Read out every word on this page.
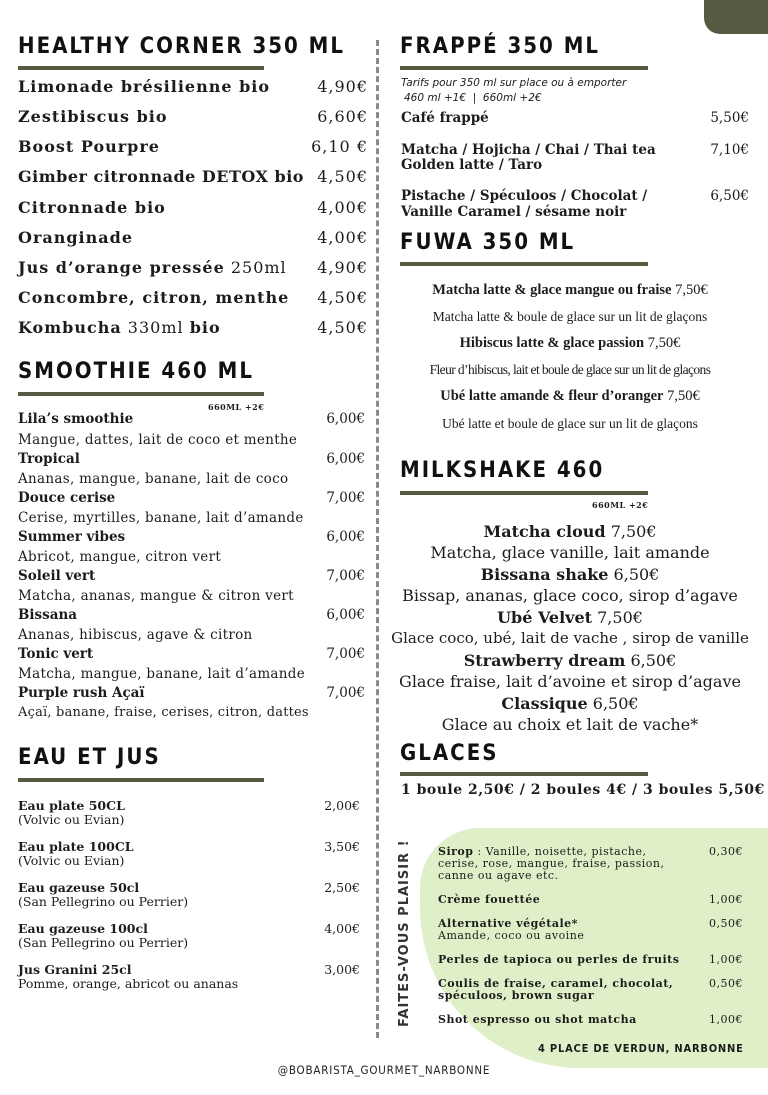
HEALTHY CORNER 350 ML
Limonade brésilienne bio	4,90€
Zestibiscus bio	6,60€
Boost Pourpre	6,10 €
Gimber citronnade DETOX bio 4,50€
Citronnade bio	4,00€
Oranginade	4,00€
Jus d’orange pressée 250ml 4,90€
Concombre, citron, menthe 4,50€
Kombucha 330ml bio	4,50€
SMOOTHIE 460 ML
660ML +2€
Lila’s smoothie	6,00€
Mangue, dattes, lait de coco et menthe
Tropical	6,00€
Ananas, mangue, banane, lait de coco
Douce cerise	7,00€
Cerise, myrtilles, banane, lait d’amande
Summer vibes	6,00€
Abricot, mangue, citron vert
Soleil vert	7,00€
Matcha, ananas, mangue & citron vert
Bissana	6,00€
Ananas, hibiscus, agave & citron
Tonic vert	7,00€
Matcha, mangue, banane, lait d’amande
Purple rush Açaï	7,00€
Açaï, banane, fraise, cerises, citron, dattes
EAU ET JUS
Eau plate 50CL	2,00€
(Volvic ou Evian)
Eau plate 100CL	3,50€
(Volvic ou Evian)
Eau gazeuse 50cl	2,50€
(San Pellegrino ou Perrier)
Eau gazeuse 100cl	4,00€
(San Pellegrino ou Perrier)
Jus Granini 25cl	3,00€
Pomme, orange, abricot ou ananas
FRAPPÉ 350 ML
Tarifs pour 350 ml sur place ou à emporter
460 ml +1€  |  660ml +2€
Café frappé	5,50€
Matcha / Hojicha / Chai / Thai tea	7,10€
Golden latte / Taro
Pistache / Spéculoos / Chocolat /	6,50€
Vanille Caramel / sésame noir
FUWA 350 ML
Matcha latte & glace mangue ou fraise 7,50€
Matcha latte & boule de glace sur un lit de glaçons
Hibiscus latte & glace passion 7,50€
Fleur d’hibiscus, lait et boule de glace sur un lit de glaçons
Ubé latte amande & fleur d’oranger 7,50€
Ubé latte et boule de glace sur un lit de glaçons
MILKSHAKE 460
660ML +2€
Matcha cloud 7,50€
Matcha, glace vanille, lait amande
Bissana shake 6,50€
Bissap, ananas, glace coco, sirop d’agave
Ubé Velvet 7,50€
Glace coco, ubé, lait de vache , sirop de vanille
Strawberry dream 6,50€
Glace fraise, lait d’avoine et sirop d’agave
Classique 6,50€
Glace au choix et lait de vache*
GLACES
1 boule 2,50€ / 2 boules 4€ / 3 boules 5,50€
FAITES-VOUS PLAISIR ! Sirop : Vanille, noisette, pistache,	0,30€
cerise, rose, mangue, fraise, passion,
canne ou agave etc.
Crème fouettée	1,00€
Alternative végétale*	0,50€
Amande, coco ou avoine
Perles de tapioca ou perles de fruits	1,00€
Coulis de fraise, caramel, chocolat,	0,50€
spéculoos, brown sugar
Shot espresso ou shot matcha	1,00€
4 PLACE DE VERDUN, NARBONNE
@BOBARISTA_GOURMET_NARBONNE
